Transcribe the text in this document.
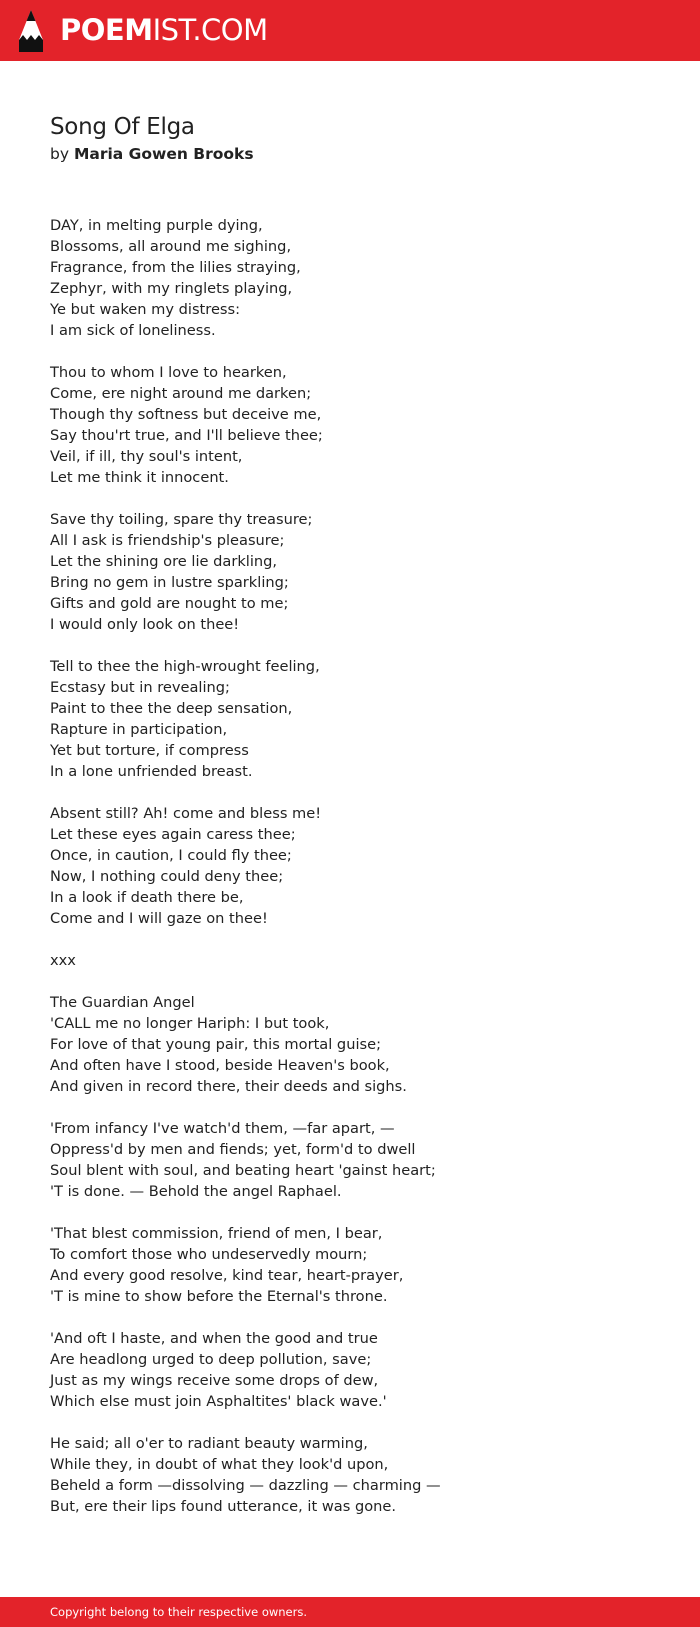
POEMIST.COM
Song Of Elga
by Maria Gowen Brooks

DAY, in melting purple dying,
Blossoms, all around me sighing,
Fragrance, from the lilies straying,
Zephyr, with my ringlets playing,
Ye but waken my distress:
I am sick of loneliness.

Thou to whom I love to hearken,
Come, ere night around me darken;
Though thy softness but deceive me,
Say thou'rt true, and I'll believe thee;
Veil, if ill, thy soul's intent,
Let me think it innocent.

Save thy toiling, spare thy treasure;
All I ask is friendship's pleasure;
Let the shining ore lie darkling,
Bring no gem in lustre sparkling;
Gifts and gold are nought to me;
I would only look on thee!

Tell to thee the high-wrought feeling,
Ecstasy but in revealing;
Paint to thee the deep sensation,
Rapture in participation,
Yet but torture, if compress
In a lone unfriended breast.

Absent still? Ah! come and bless me!
Let these eyes again caress thee;
Once, in caution, I could fly thee;
Now, I nothing could deny thee;
In a look if death there be,
Come and I will gaze on thee!

xxx

The Guardian Angel
'CALL me no longer Hariph: I but took,
For love of that young pair, this mortal guise;
And often have I stood, beside Heaven's book,
And given in record there, their deeds and sighs.

'From infancy I've watch'd them, —far apart, —
Oppress'd by men and fiends; yet, form'd to dwell
Soul blent with soul, and beating heart 'gainst heart;
'T is done. — Behold the angel Raphael.

'That blest commission, friend of men, I bear,
To comfort those who undeservedly mourn;
And every good resolve, kind tear, heart-prayer,
'T is mine to show before the Eternal's throne.

'And oft I haste, and when the good and true
Are headlong urged to deep pollution, save;
Just as my wings receive some drops of dew,
Which else must join Asphaltites' black wave.'

He said; all o'er to radiant beauty warming,
While they, in doubt of what they look'd upon,
Beheld a form —dissolving — dazzling — charming —
But, ere their lips found utterance, it was gone.

Copyright belong to their respective owners.
